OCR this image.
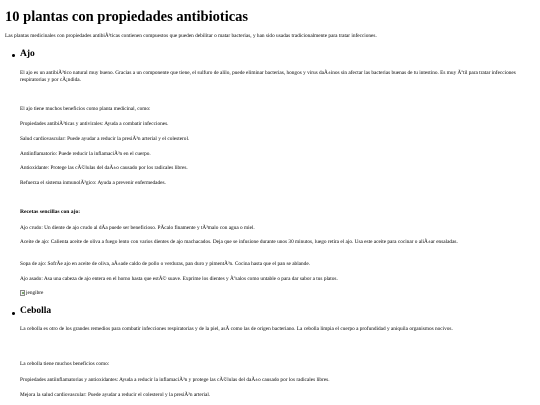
10 plantas con propiedades antibioticas

Las plantas medicinales con propiedades antibiÃ³ticas contienen compuestos que pueden debilitar o matar bacterias, y han sido usadas tradicionalmente para tratar infecciones.

Ajo

El ajo es un antibiÃ³tico natural muy bueno. Gracias a un componente que tiene, el sulfuro de alilo, puede eliminar bacterias, hongos y virus daÃ±inos sin afectar las bacterias buenas de tu intestino. Es muy Ãºtil para tratar infecciones respiratorias y por cÃ¡ndida.

El ajo tiene muchos beneficios como planta medicinal, como:

Propiedades antibiÃ³ticas y antivirales: Ayuda a combatir infecciones.

Salud cardiovascular: Puede ayudar a reducir la presiÃ³n arterial y el colesterol.

Antiinflamatorio: Puede reducir la inflamaciÃ³n en el cuerpo.

Antioxidante: Protege las cÃ©lulas del daÃ±o causado por los radicales libres.

Refuerza el sistema inmunolÃ³gico: Ayuda a prevenir enfermedades.

Recetas sencillas con ajo:

Ajo crudo: Un diente de ajo crudo al dÃa puede ser beneficioso. PÃcalo finamente y tÃ³malo con agua o miel.

Aceite de ajo: Calienta aceite de oliva a fuego lento con varios dientes de ajo machacados. Deja que se infusione durante unos 30 minutos, luego retira el ajo. Usa este aceite para cocinar o aliÃ±ar ensaladas.

Sopa de ajo: SofrÃe ajo en aceite de oliva, aÃ±ade caldo de pollo o verduras, pan duro y pimentÃ³n. Cocina hasta que el pan se ablande.

Ajo asado: Asa una cabeza de ajo entera en el horno hasta que estÃ© suave. Exprime los dientes y Ãºsalos como untable o para dar sabor a tus platos.

jengibre
Cebolla

La cebolla es otro de los grandes remedios para combatir infecciones respiratorias y de la piel, asÃ como las de origen bacteriano. La cebolla limpia el cuerpo a profundidad y aniquila organismos nocivos.

La cebolla tiene muchos beneficios como:

Propiedades antiinflamatorias y antioxidantes: Ayuda a reducir la inflamaciÃ³n y protege las cÃ©lulas del daÃ±o causado por los radicales libres.

Mejora la salud cardiovascular: Puede ayudar a reducir el colesterol y la presiÃ³n arterial.
